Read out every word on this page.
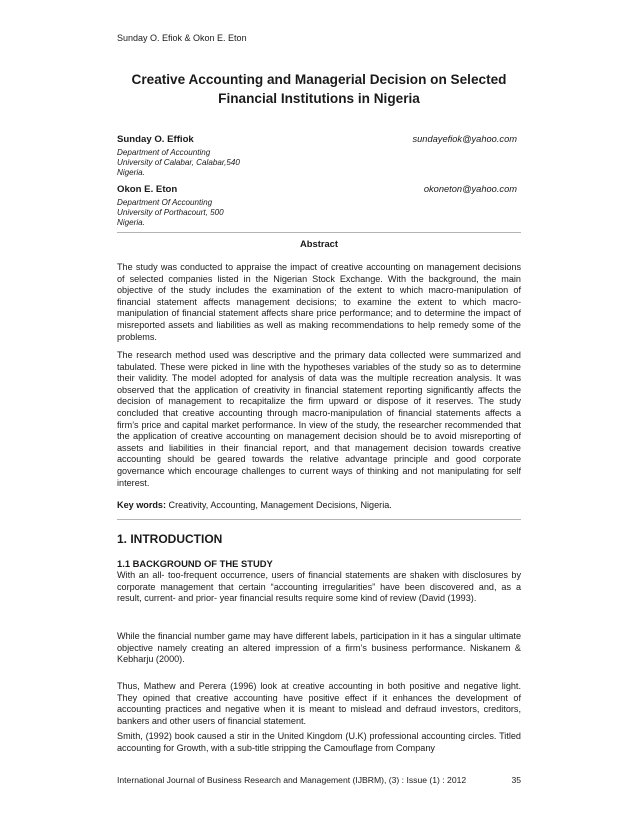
Sunday O. Efiok & Okon E. Eton
Creative Accounting and Managerial Decision on Selected Financial Institutions in Nigeria
Sunday O. Effiok	sundayefiok@yahoo.com
Department of Accounting
University of Calabar, Calabar,540
Nigeria.
Okon E. Eton	okoneton@yahoo.com
Department Of Accounting
University of Porthacourt, 500
Nigeria.
Abstract

The study was conducted to appraise the impact of creative accounting on management decisions of selected companies listed in the Nigerian Stock Exchange. With the background, the main objective of the study includes the examination of the extent to which macro-manipulation of financial statement affects management decisions; to examine the extent to which macro-manipulation of financial statement affects share price performance; and to determine the impact of misreported assets and liabilities as well as making recommendations to help remedy some of the problems.

The research method used was descriptive and the primary data collected were summarized and tabulated. These were picked in line with the hypotheses variables of the study so as to determine their validity. The model adopted for analysis of data was the multiple recreation analysis. It was observed that the application of creativity in financial statement reporting significantly affects the decision of management to recapitalize the firm upward or dispose of it reserves. The study concluded that creative accounting through macro-manipulation of financial statements affects a firm’s price and capital market performance. In view of the study, the researcher recommended that the application of creative accounting on management decision should be to avoid misreporting of assets and liabilities in their financial report, and that management decision towards creative accounting should be geared towards the relative advantage principle and good corporate governance which encourage challenges to current ways of thinking and not manipulating for self interest.

Key words: Creativity, Accounting, Management Decisions, Nigeria.
1. INTRODUCTION
1.1 BACKGROUND OF THE STUDY

With an all- too-frequent occurrence, users of financial statements are shaken with disclosures by corporate management that certain “accounting irregularities” have been discovered and, as a result, current- and prior- year financial results require some kind of review (David (1993).

While the financial number game may have different labels, participation in it has a singular ultimate objective namely creating an altered impression of a firm’s business performance. Niskanem & Kebharju (2000).

Thus, Mathew and Perera (1996) look at creative accounting in both positive and negative light. They opined that creative accounting have positive effect if it enhances the development of accounting practices and negative when it is meant to mislead and defraud investors, creditors, bankers and other users of financial statement.

Smith, (1992) book caused a stir in the United Kingdom (U.K) professional accounting circles. Titled accounting for Growth, with a sub-title stripping the Camouflage from Company

International Journal of Business Research and Management (IJBRM), (3) : Issue (1) : 2012	35
